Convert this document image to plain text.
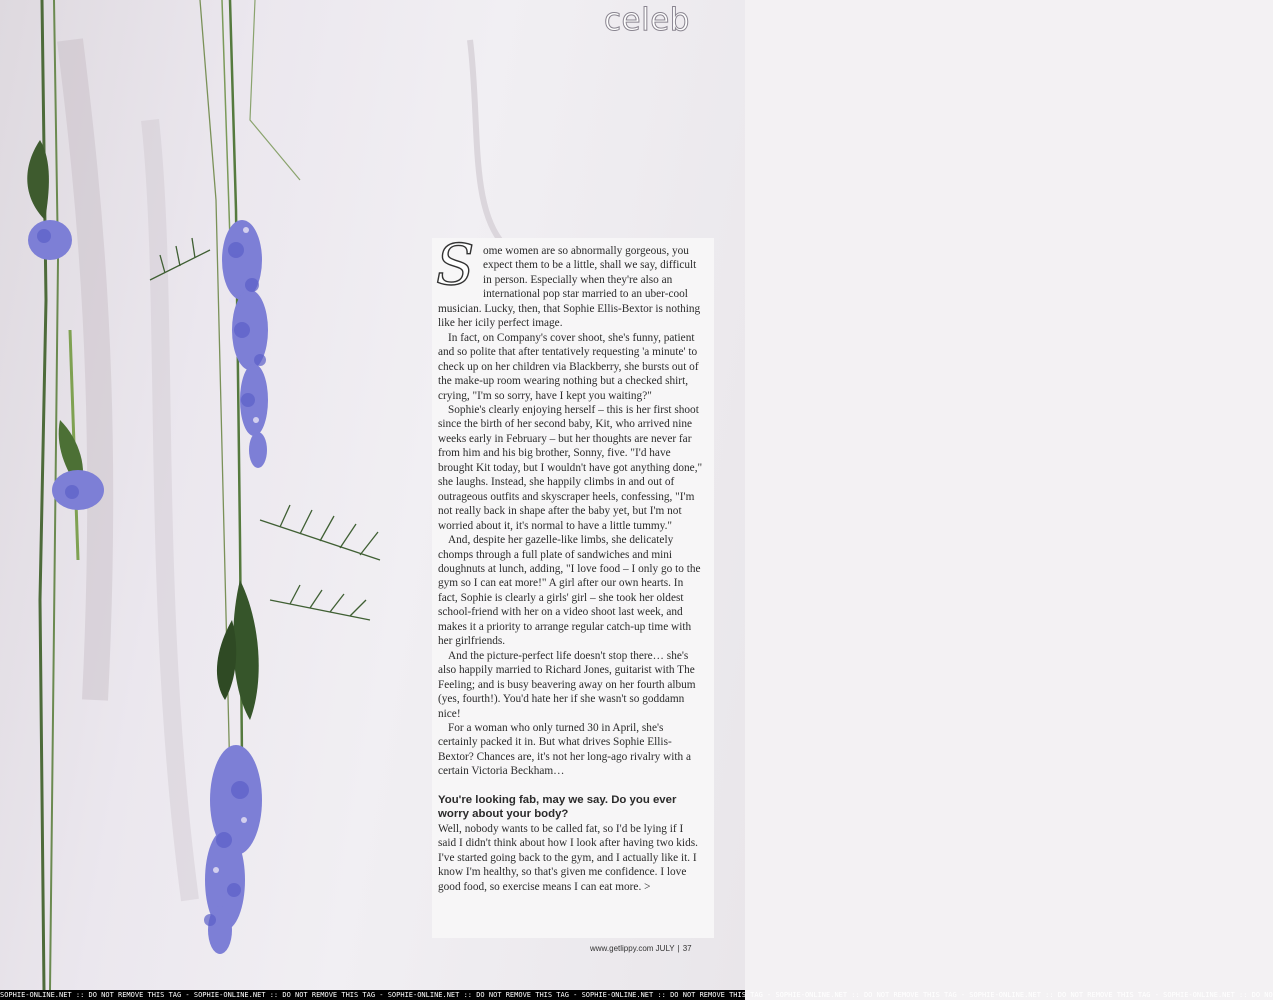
celeb

Some women are so abnormally gorgeous, you expect them to be a little, shall we say, difficult in person. Especially when they're also an international pop star married to an uber-cool musician. Lucky, then, that Sophie Ellis-Bextor is nothing like her icily perfect image.

In fact, on Company's cover shoot, she's funny, patient and so polite that after tentatively requesting 'a minute' to check up on her children via Blackberry, she bursts out of the make-up room wearing nothing but a checked shirt, crying, "I'm so sorry, have I kept you waiting?"

Sophie's clearly enjoying herself – this is her first shoot since the birth of her second baby, Kit, who arrived nine weeks early in February – but her thoughts are never far from him and his big brother, Sonny, five. "I'd have brought Kit today, but I wouldn't have got anything done," she laughs. Instead, she happily climbs in and out of outrageous outfits and skyscraper heels, confessing, "I'm not really back in shape after the baby yet, but I'm not worried about it, it's normal to have a little tummy."

And, despite her gazelle-like limbs, she delicately chomps through a full plate of sandwiches and mini doughnuts at lunch, adding, "I love food – I only go to the gym so I can eat more!" A girl after our own hearts. In fact, Sophie is clearly a girls' girl – she took her oldest school-friend with her on a video shoot last week, and makes it a priority to arrange regular catch-up time with her girlfriends.

And the picture-perfect life doesn't stop there… she's also happily married to Richard Jones, guitarist with The Feeling; and is busy beavering away on her fourth album (yes, fourth!). You'd hate her if she wasn't so goddamn nice!

For a woman who only turned 30 in April, she's certainly packed it in. But what drives Sophie Ellis-Bextor? Chances are, it's not her long-ago rivalry with a certain Victoria Beckham…

You're looking fab, may we say. Do you ever worry about your body?

Well, nobody wants to be called fat, so I'd be lying if I said I didn't think about how I look after having two kids. I've started going back to the gym, and I actually like it. I know I'm healthy, so that's given me confidence. I love good food, so exercise means I can eat more. >

www.getlippy.com JULY | 37
SOPHIE-ONLINE.NET :: DO NOT REMOVE THIS TAG - SOPHIE-ONLINE.NET :: DO NOT REMOVE THIS TAG - SOPHIE-ONLINE.NET :: DO NOT REMOVE THIS TAG - SOPHIE-ONLINE.NET :: DO NOT REMOVE THIS TAG - SOPHIE-ONLINE.NET :: DO NOT REMOVE THIS TAG - SOPHIE-ONLINE.NET :: DO NOT REMOVE THIS TAG - SOPHIE-ONLINE.NET :: DO NO
